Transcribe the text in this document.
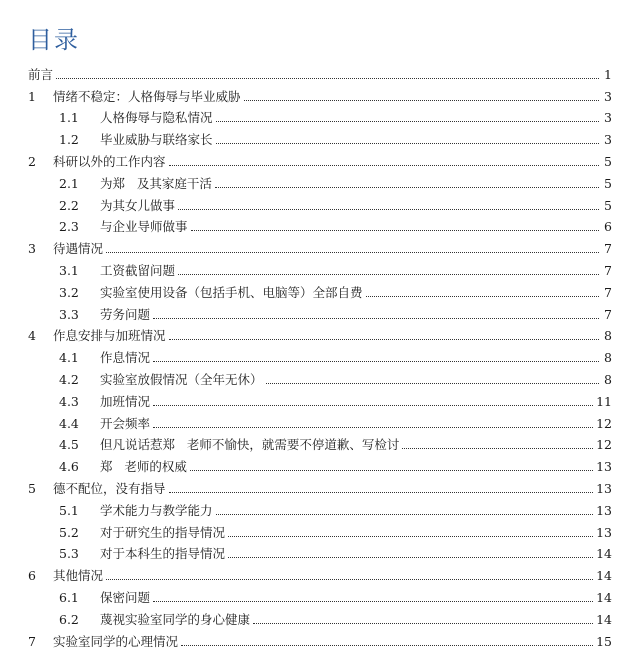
目录
前言	1
1	情绪不稳定：人格侮辱与毕业威胁	3
1.1	人格侮辱与隐私情况	3
1.2	毕业威胁与联络家长	3
2	科研以外的工作内容	5
2.1	为郑   及其家庭干活	5
2.2	为其女儿做事	5
2.3	与企业导师做事	6
3	待遇情况	7
3.1	工资截留问题	7
3.2	实验室使用设备（包括手机、电脑等）全部自费	7
3.3	劳务问题	7
4	作息安排与加班情况	8
4.1	作息情况	8
4.2	实验室放假情况（全年无休）	8
4.3	加班情况	11
4.4	开会频率	12
4.5	但凡说话惹郑   老师不愉快，就需要不停道歉、写检讨	12
4.6	郑   老师的权威	13
5	德不配位，没有指导	13
5.1	学术能力与教学能力	13
5.2	对于研究生的指导情况	13
5.3	对于本科生的指导情况	14
6	其他情况	14
6.1	保密问题	14
6.2	蔑视实验室同学的身心健康	14
7	实验室同学的心理情况	15
